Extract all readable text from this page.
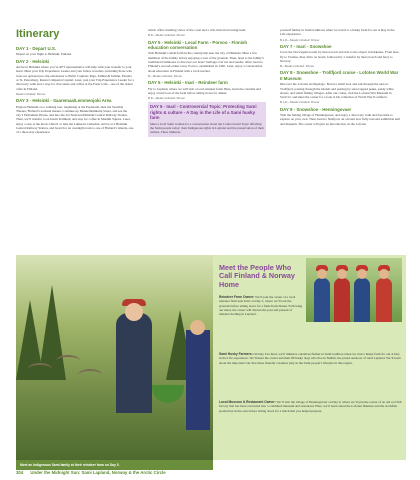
Itinerary
DAY 1 - Depart U.S.
Depart on your flight to Helsinki, Finland.
DAY 2 - Helsinki
Arrive in Helsinki where you’re AFT representative will help with your transfer to your hotel. Meet your Trip Experience Leader and your fellow travelers, including those who took our optional pre-trip extensions to Baltic Capitals: Riga, Tallinn & Tallinn, Estonia or St. Petersburg, Russia’s Imperial Capital. Later, join your Trip Experience Leader for a discovery walk and a stop for chocolates and coffee at the Fazer Café—one of the oldest cafés in Finland.
Meals included: Dinner
DAY 3 - Helsinki - Saaremaa/Lemmenjoki Area
Explore Helsinki on a walking tour, beginning at the Esplanadi, then the Swedish Theater, Finland’s national theater. Continue up Mannerheimintie Street, and see the city’s Parliament House, and into the Art Nouveau Helsinki Central Railway Station. Then, we’ll transfer to an Iserm Terminal, and stop for coffee in Muslim Square. Later, enjoy a stop at the Rock Church or take the Lutheran Cathedral. Arrive at 2 Helsinki Central Railway Station, and board for an overnight train to one of Finland’s islands, one of a three-day experience.
which offers dazzling views of the coast and a rich, historical background.
B,D—Meals included: Dinner
DAY 5 - Helsinki - Local Farm - Porvoo - Finnish education conversation
Visit Helsinki’s small farm in the countryside near the city of Helsinki. Meet a few members of the family before enjoying a tour of the grounds. Then, head to the family’s traditional farmhouse to discover our hosts’ heritage over tea and snacks. After, head to Finland’s second-oldest town, Porvoo, established in 1346. Later, enjoy a conversation about education in Finland with a local teacher.
B—Meals included: Dinner
DAY 5 - Helsinki - Inari - Reindeer farm
Fly to Lapland, where we will visit a local reindeer farm. Here, learn the customs and enjoy a brief tour of the farm before sitting down for dinner.
B,D—Meals included: Dinner
DAY 6 - Inari - Controversial Topic: Protecting Sami rights & culture - A Day in the Life of a Sami husky farm
Meet a local Sami woman for a conversation about the Controversial Topic affecting the Sami people today: their Indigenous rights in Lapland and the preservation of their culture. Then, immerse
yourself further in Sami traditions when we travel to a husky farm for our A Day in the Life experience.
B,L,D—Meals included: Dinner
DAY 7 - Inari - Snowshoe
Cross the Norwegian border by motorcoach and ride to the airport in Kirkenes. From here, fly to Tromsø, then drive on board, followed by a transfer by motorcoach and ferry to Norway.
B—Meals included: Dinner
DAY 8 - Snowshoe - Trollfjord cruise - Lofoten World War II Museum
Discover the Lofoten Archipelago. Board a small boat and sail through the narrow Trollfjord, passing through the islands and passing by snowcapped peaks, sandy white shores, and small fishing villages. After our cruise, visit the Lofoten War Museum in Svolvær, and meet the owner for a look at his collection of World War II artifacts.
B,L,D—Meals included: Dinner
DAY 9 - Snowshoe - Henningsvaer
Visit the fishing village of Henningsvaer, and enjoy a discovery walk and free time to explore on your own. Then, head to Nusfjord, an old and now fully restored exhibition hall and museum. The owner will give an introduction on the Lofoten
Meet an Indigenous Sami family at their reindeer farm on Day 5.
Meet the People Who Call Finland & Norway Home
Reindeer Farm Owner: We’ll join the owner of a local reindeer farm near Inari on Day 5, where we’ll tour the grounds before sitting down for a farm-fresh dinner. Following our meal, the owner will discuss the past and present of reindeer herding in Lapland.
Sami Husky Farmers: On Day 6 in Inari, we’ll immerse ourselves further in Sami tradition when we visit a husky farm for our A Day in the Life experience. We’ll meet the owner and their 80 husky dogs who live in Nellim, the proud outdoors of rural Lapland. We’ll learn about the important role that these friendly creatures play in the Sami people’s lifestyle in this region.
Local Museum & Restaurant Owner: We’ll visit the village of Henningsvaer on Day 9, where we’ll join the owner of an old cod fish factory that has been converted into a combined museum and restaurant. Here, we’ll learn about the Lofoten fisheries and the stockfish production in the area before sitting down for a lunch that you helped prepare.
304 Under the Midnight Sun: Sami Lapland, Norway & the Arctic Circle
